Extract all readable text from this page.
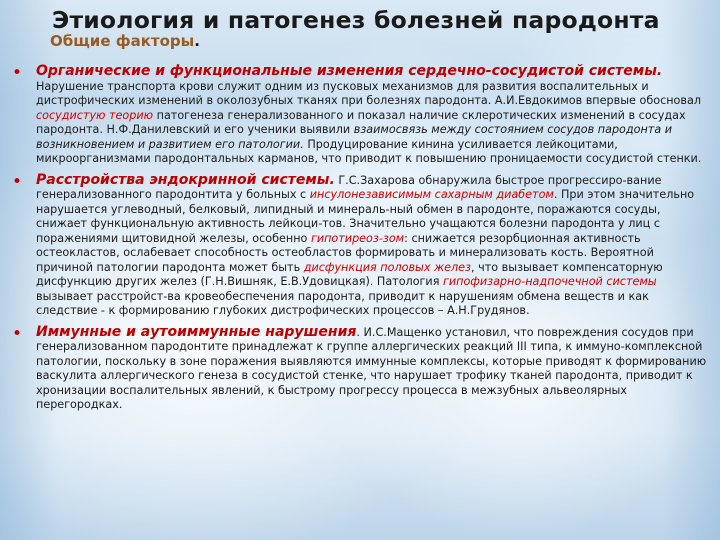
Этиология и патогенез болезней пародонта
Общие факторы.
• Органические и функциональные изменения сердечно-сосудистой системы. Нарушение транспорта крови служит одним из пусковых механизмов для развития воспалительных и дистрофических изменений в околозубных тканях при болезнях пародонта. А.И.Евдокимов впервые обосновал сосудистую теорию патогенеза генерализованного и показал наличие склеротических изменений в сосудах пародонта. Н.Ф.Данилевский и его ученики выявили взаимосвязь между состоянием сосудов пародонта и возникновением и развитием его патологии. Продуцирование кинина усиливается лейкоцитами, микроорганизмами пародонтальных карманов, что приводит к повышению проницаемости сосудистой стенки.

• Расстройства эндокринной системы. Г.С.Захарова обнаружила быстрое прогрессиро-вание генерализованного пародонтита у больных с инсулонезависимым сахарным диабетом. При этом значительно нарушается углеводный, белковый, липидный и минераль-ный обмен в пародонте, поражаются сосуды, снижает функциональную активность лейкоци-тов. Значительно учащаются болезни пародонта у лиц с поражениями щитовидной железы, особенно гипотиреоз-зом: снижается резорбционная активность остеокластов, ослабевает способность остеобластов формировать и минерализовать кость. Вероятной причиной патологии пародонта может быть дисфункция половых желез, что вызывает компенсаторную дисфункцию других желез (Г.Н.Вишняк, Е.В.Удовицкая). Патология гипофизарно-надпочечной системы вызывает расстройст-ва кровеобеспечения пародонта, приводит к нарушениям обмена веществ и как следствие - к формированию глубоких дистрофических процессов – А.Н.Грудянов.

• Иммунные и аутоиммунные нарушения. И.С.Мащенко установил, что повреждения сосудов при генерализованном пародонтите принадлежат к группе аллергических реакций III типа, к иммуно-комплексной патологии, поскольку в зоне поражения выявляются иммунные комплексы, которые приводят к формированию васкулита аллергического генеза в сосудистой стенке, что нарушает трофику тканей пародонта, приводит к хронизации воспалительных явлений, к быстрому прогрессу процесса в межзубных альвеолярных перегородках.
